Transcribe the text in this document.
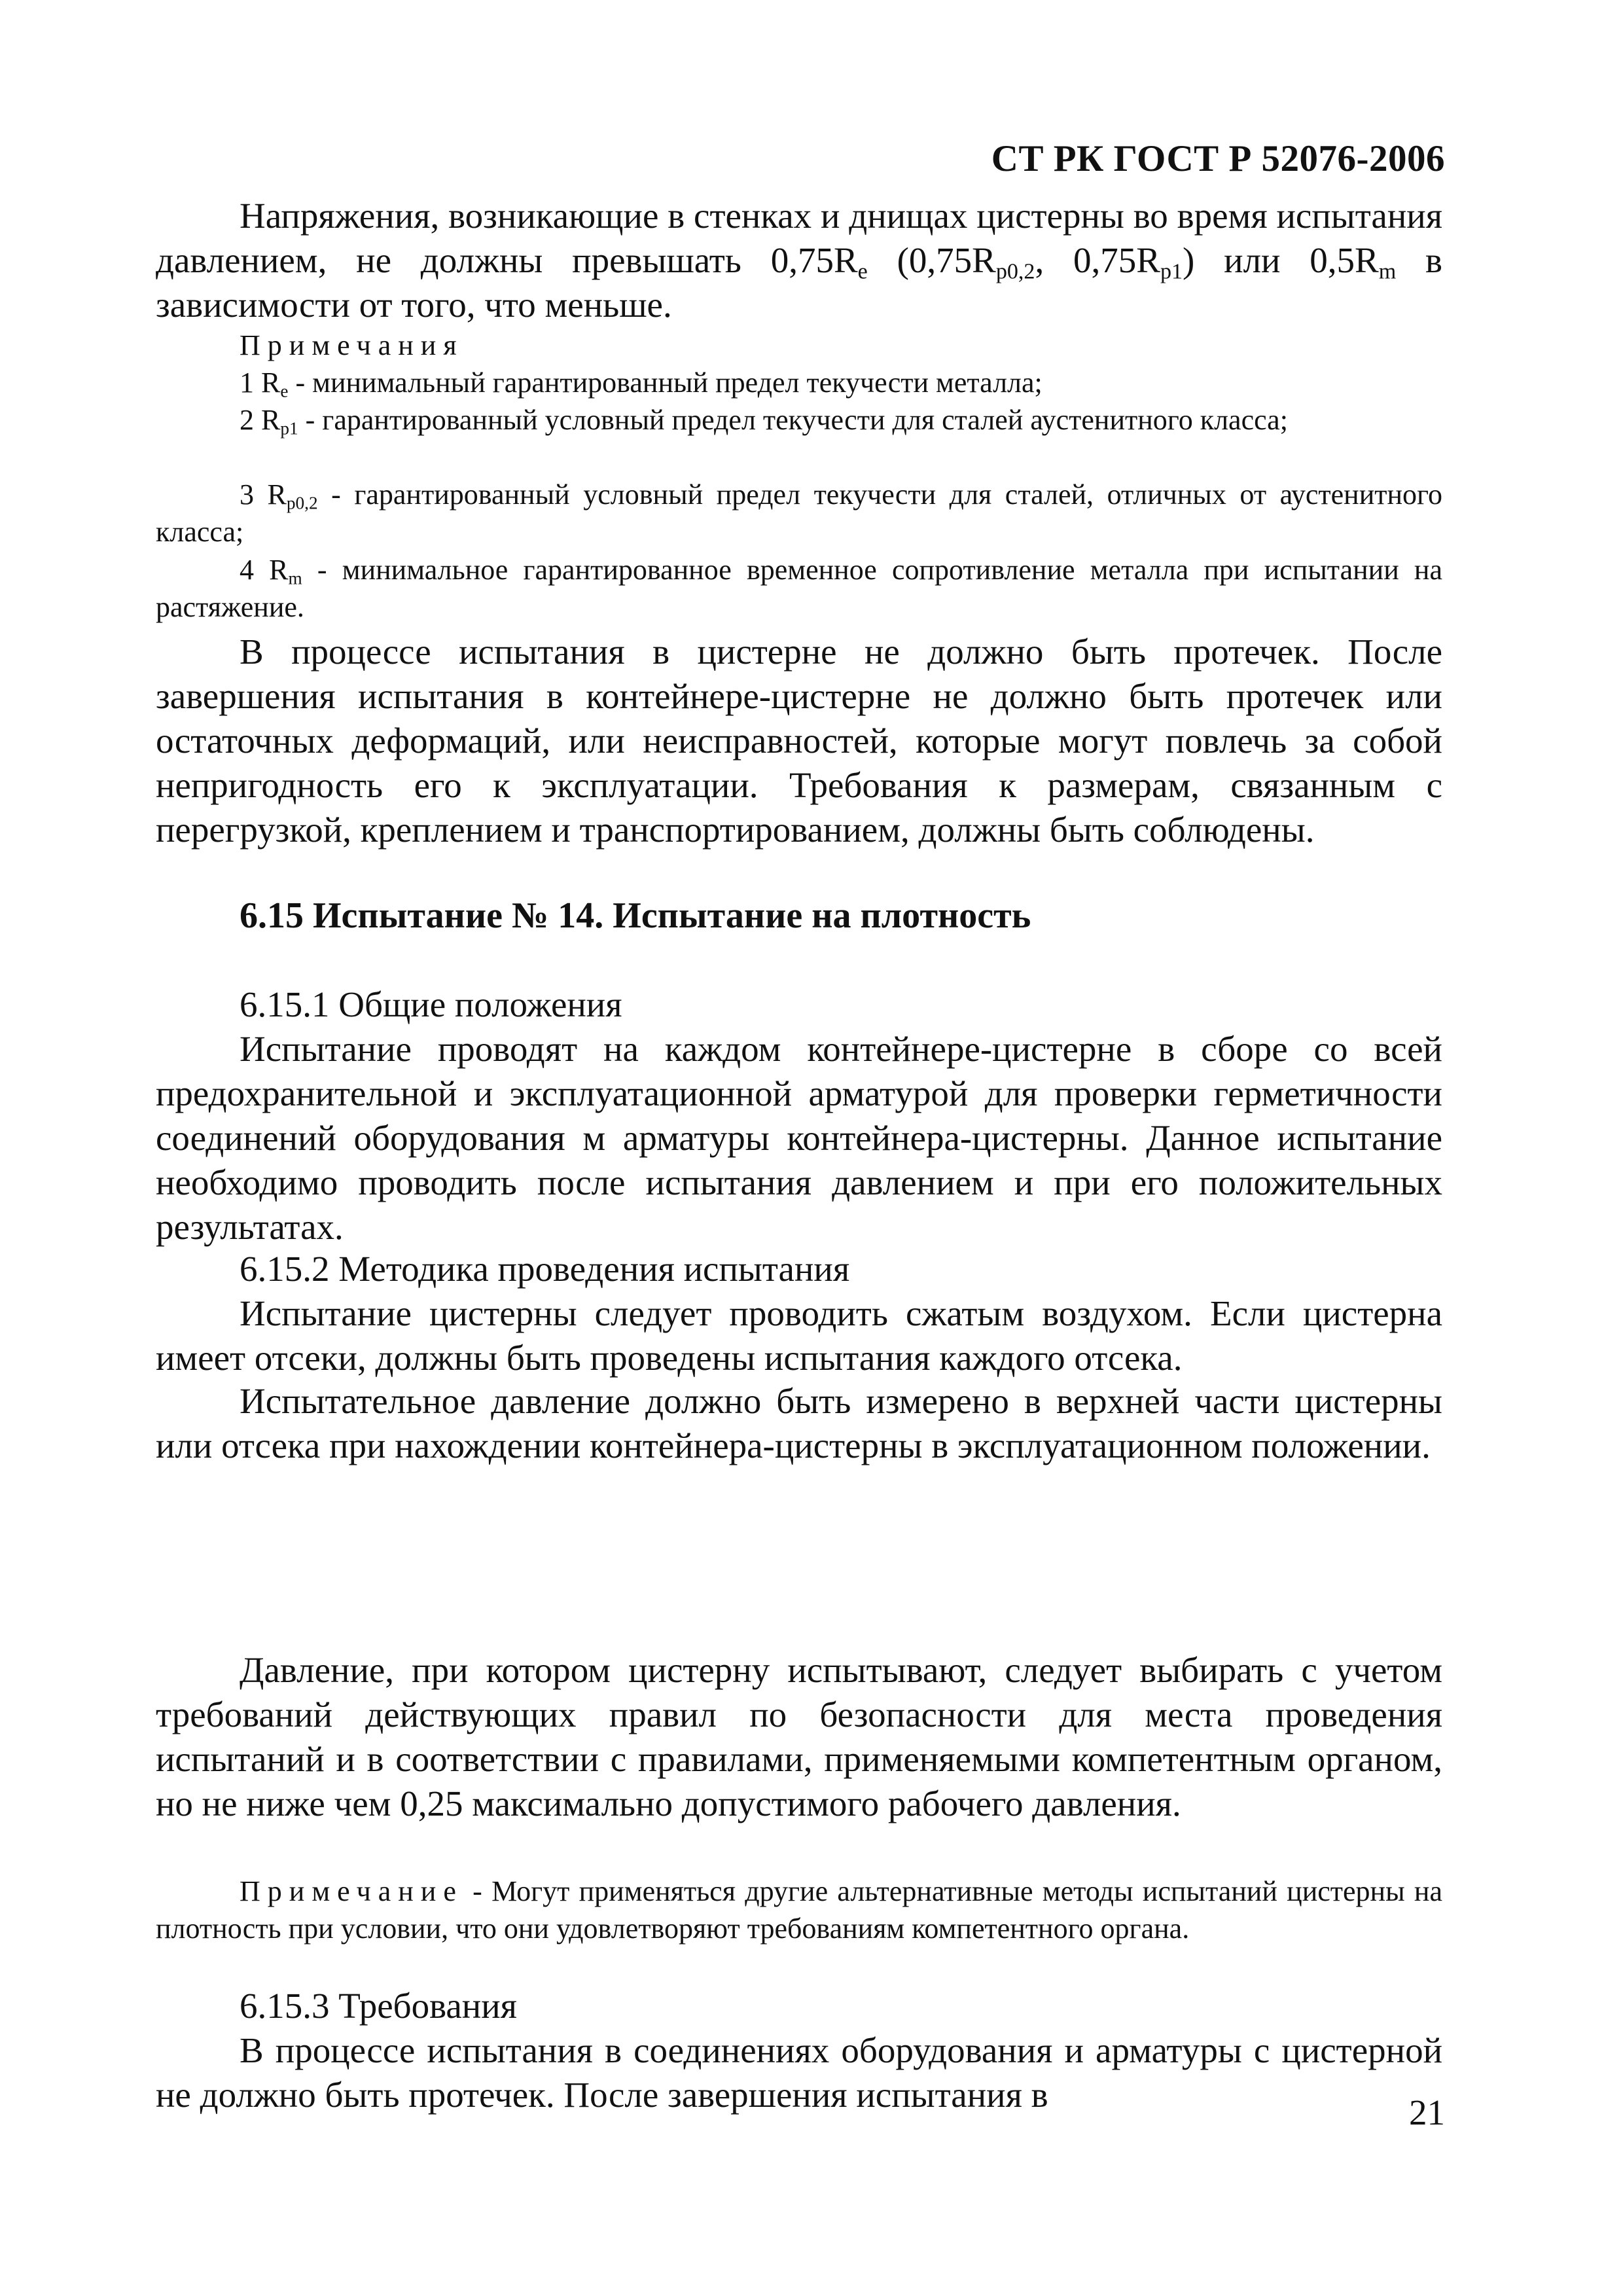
СТ РК ГОСТ Р 52076-2006

Напряжения, возникающие в стенках и днищах цистерны во время испытания давлением, не должны превышать $0,75R_e$ ($0,75R_{p0,2}$, $0,75R_{p1}$) или $0,5R_m$ в зависимости от того, что меньше.

Примечания

1 $R_e$ - минимальный гарантированный предел текучести металла;

2 $R_{p1}$ - гарантированный условный предел текучести для сталей аустенитного класса;

3 $R_{p0,2}$ - гарантированный условный предел текучести для сталей, отличных от аустенитного класса;

4 $R_m$ - минимальное гарантированное временное сопротивление металла при испытании на растяжение.

В процессе испытания в цистерне не должно быть протечек. После завершения испытания в контейнере-цистерне не должно быть протечек или остаточных деформаций, или неисправностей, которые могут повлечь за собой непригодность его к эксплуатации. Требования к размерам, связанным с перегрузкой, креплением и транспортированием, должны быть соблюдены.

6.15 Испытание № 14. Испытание на плотность

6.15.1 Общие положения

Испытание проводят на каждом контейнере-цистерне в сборе со всей предохранительной и эксплуатационной арматурой для проверки герметичности соединений оборудования м арматуры контейнера-цистерны. Данное испытание необходимо проводить после испытания давлением и при его положительных результатах.

6.15.2 Методика проведения испытания

Испытание цистерны следует проводить сжатым воздухом. Если цистерна имеет отсеки, должны быть проведены испытания каждого отсека.

Испытательное давление должно быть измерено в верхней части цистерны или отсека при нахождении контейнера-цистерны в эксплуатационном положении.

Давление, при котором цистерну испытывают, следует выбирать с учетом требований действующих правил по безопасности для места проведения испытаний и в соответствии с правилами, применяемыми компетентным органом, но не ниже чем 0,25 максимально допустимого рабочего давления.

Примечание - Могут применяться другие альтернативные методы испытаний цистерны на плотность при условии, что они удовлетворяют требованиям компетентного органа.

6.15.3 Требования

В процессе испытания в соединениях оборудования и арматуры с цистерной не должно быть протечек. После завершения испытания в	21
